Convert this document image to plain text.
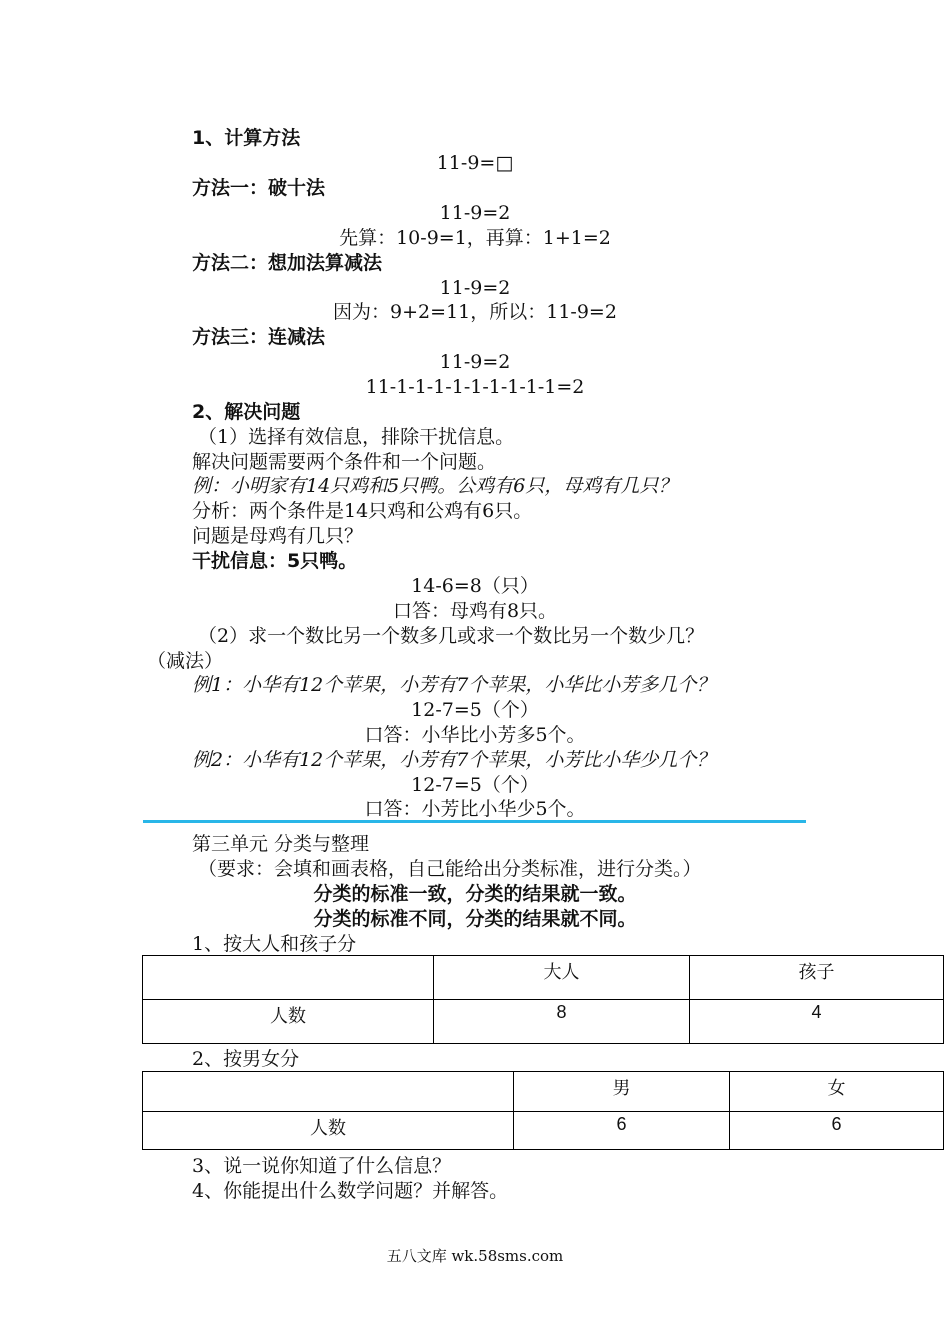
1、计算方法
11-9=□
方法一：破十法
11-9=2
先算：10-9=1，再算：1+1=2
方法二：想加法算减法
11-9=2
因为：9+2=11，所以：11-9=2
方法三：连减法
11-9=2
11-1-1-1-1-1-1-1-1-1=2
2、解决问题
（1）选择有效信息，排除干扰信息。
解决问题需要两个条件和一个问题。
例：小明家有14只鸡和5只鸭。公鸡有6只，母鸡有几只？
分析：两个条件是14只鸡和公鸡有6只。
问题是母鸡有几只？
干扰信息：5只鸭。
14-6=8（只）
口答：母鸡有8只。
（2）求一个数比另一个数多几或求一个数比另一个数少几？
（减法）
例1：小华有12个苹果，小芳有7个苹果，小华比小芳多几个？
12-7=5（个）
口答：小华比小芳多5个。
例2：小华有12个苹果，小芳有7个苹果，小芳比小华少几个？
12-7=5（个）
口答：小芳比小华少5个。
第三单元 分类与整理
（要求：会填和画表格，自己能给出分类标准，进行分类。）
分类的标准一致，分类的结果就一致。
分类的标准不同，分类的结果就不同。
1、按大人和孩子分
	大人	孩子
人数	8	4
2、按男女分
	男	女
人数	6	6
3、说一说你知道了什么信息？
4、你能提出什么数学问题？并解答。
五八文库 wk.58sms.com
